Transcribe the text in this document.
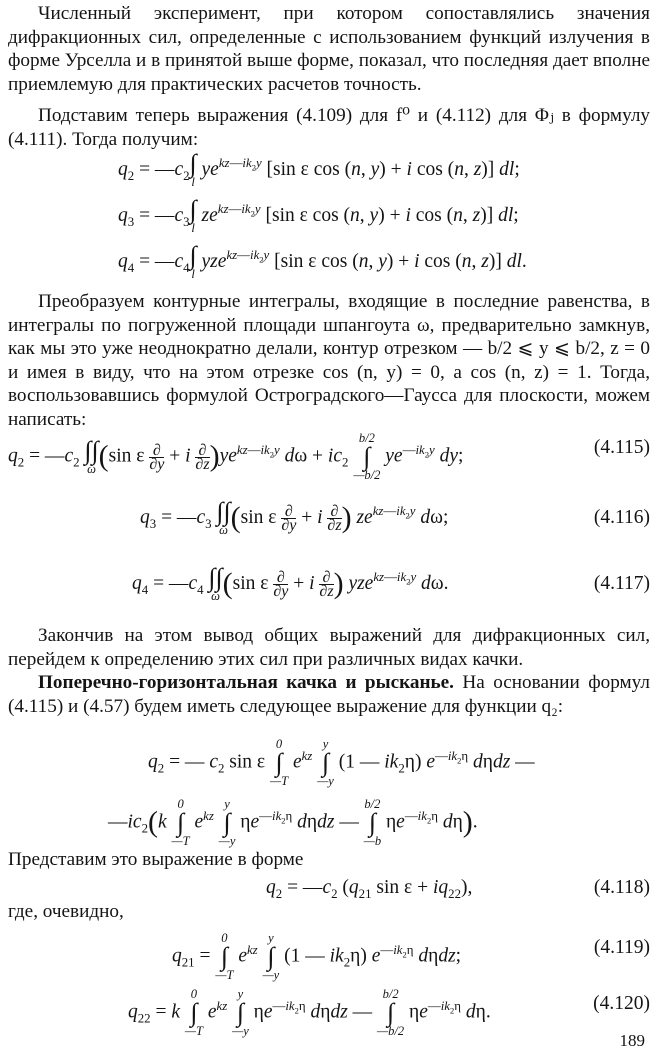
Численный эксперимент, при котором сопоставлялись значения дифракционных сил, определенные с использованием функций излучения в форме Урселла и в принятой выше форме, показал, что последняя дает вполне приемлемую для практических расчетов точность.

Подставим теперь выражения (4.109) для f⁰ и (4.112) для Φⱼ в формулу (4.111). Тогда получим:

$q_2$ = $—c_2$ ∫
l
$ye^{kz—ik_2y}$ [sin ε cos (n, y) + i cos (n, z)] dl;
$q_3$ = $—c_3$ ∫
l
$ze^{kz—ik_2y}$ [sin ε cos (n, y) + i cos (n, z)] dl;
$q_4$ = $—c_4$ ∫
l
yze$^{kz—ik_2y}$ [sin ε cos (n, y) + i cos (n, z)] dl.

Преобразуем контурные интегралы, входящие в последние равенства, в интегралы по погруженной площади шпангоута ω, предварительно замкнув, как мы это уже неоднократно делали, контур отрезком — b/2 ⩽ y ⩽ b/2, z = 0 и имея в виду, что на этом отрезке cos (n, y) = 0, а cos (n, z) = 1. Тогда, воспользовавшись формулой Остроградского—Гаусса для плоскости, можем написать:

$q_2$ = $—c_2$ ∫∫
ω (sin ε ∂
∂y + i ∂
∂z )$ye^{kz—ik_2y}$ $d\omega + ic_2$
b/2
∫
—b/2
$ye^{—ik_2y}$ dy;	(4.115)
$q_3$ = $—c_3$ ∫∫
ω (sin ε ∂
∂y + i ∂
∂z ) $ze^{kz—ik_2y}$ dω;	(4.116)
$q_4$ = $—c_4$ ∫∫
ω (sin ε ∂
∂y + i ∂
∂z ) yze$^{kz—ik_2y}$ dω.	(4.117)

Закончив на этом вывод общих выражений для дифракционных сил, перейдем к определению этих сил при различных видах качки.

Поперечно-горизонтальная качка и рысканье. На основании формул (4.115) и (4.57) будем иметь следующее выражение для функции q₂:

$q_2$ = — $c_2$ sin ε
0
∫
—T
$e^{kz}$
y
∫
—y
(1 — $ik_2\eta$) $e^{—ik_2\eta}$ dηdz —
$—ic_2(k$
0
∫
—T
$e^{kz}$
y
∫
—y
$\eta e^{—ik_2\eta}$ dηdz —
b/2
∫
—b
$\eta e^{—ik_2\eta}$ dη).

Представим это выражение в форме

$q_2$ = $—c_2$ ($q_{21}$ $\sin \varepsilon + iq_{22}$),	(4.118)

где, очевидно,

$q_{21}$ =
0
∫
—T
$e^{kz}$
y
∫
—y
(1 — $ik_2\eta$) $e^{—ik_2\eta}$ dηdz;	(4.119)
$q_{22} = k$
0
∫
—T
$e^{kz}$
y
∫
—y
$\eta e^{—ik_2\eta}$ dηdz —
b/2
∫
—b/2
$\eta e^{—ik_2\eta}$ dη.	(4.120)
189
